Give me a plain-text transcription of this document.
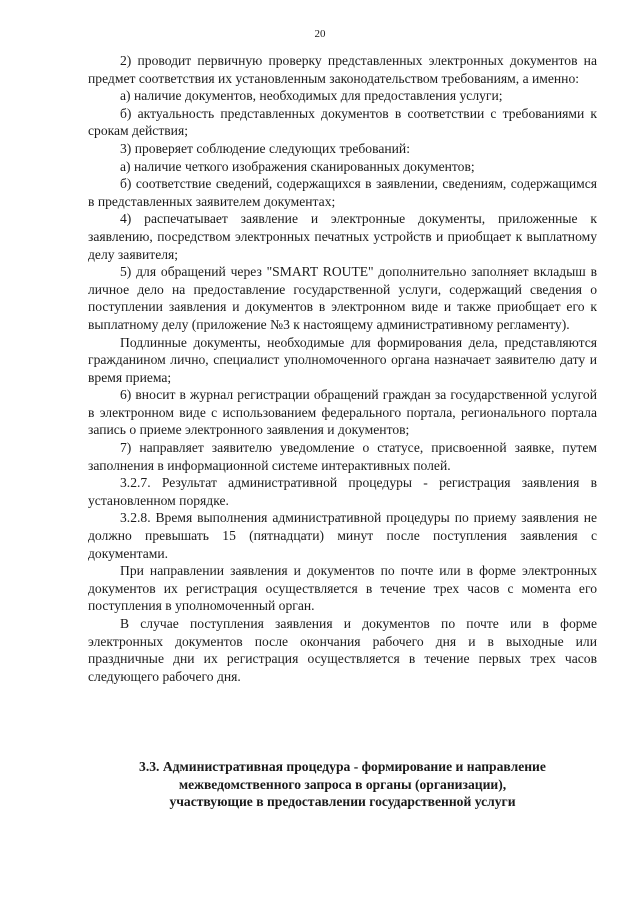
20

2) проводит первичную проверку представленных электронных документов на предмет соответствия их установленным законодательством требованиям, а именно:

а) наличие документов, необходимых для предоставления услуги;

б) актуальность представленных документов в соответствии с требованиями к срокам действия;

3) проверяет соблюдение следующих требований:

а) наличие четкого изображения сканированных документов;

б) соответствие сведений, содержащихся в заявлении, сведениям, содержащимся в представленных заявителем документах;

4) распечатывает заявление и электронные документы, приложенные к заявлению, посредством электронных печатных устройств и приобщает к выплатному делу заявителя;

5) для обращений через "SMART ROUTE" дополнительно заполняет вкладыш в личное дело на предоставление государственной услуги, содержащий сведения о поступлении заявления и документов в электронном виде и также приобщает его к выплатному делу (приложение №3 к настоящему административному регламенту).

Подлинные документы, необходимые для формирования дела, представляются гражданином лично, специалист уполномоченного органа назначает заявителю дату и время приема;

6) вносит в журнал регистрации обращений граждан за государственной услугой в электронном виде с использованием федерального портала, регионального портала запись о приеме электронного заявления и документов;

7) направляет заявителю уведомление о статусе, присвоенной заявке, путем заполнения в информационной системе интерактивных полей.

3.2.7. Результат административной процедуры - регистрация заявления в установленном порядке.

3.2.8. Время выполнения административной процедуры по приему заявления не должно превышать 15 (пятнадцати) минут после поступления заявления с документами.

При направлении заявления и документов по почте или в форме электронных документов их регистрация осуществляется в течение трех часов с момента его поступления в уполномоченный орган.

В случае поступления заявления и документов по почте или в форме электронных документов после окончания рабочего дня и в выходные или праздничные дни их регистрация осуществляется в течение первых трех часов следующего рабочего дня.

3.3. Административная процедура - формирование и направление
межведомственного запроса в органы (организации),
участвующие в предоставлении государственной услуги
